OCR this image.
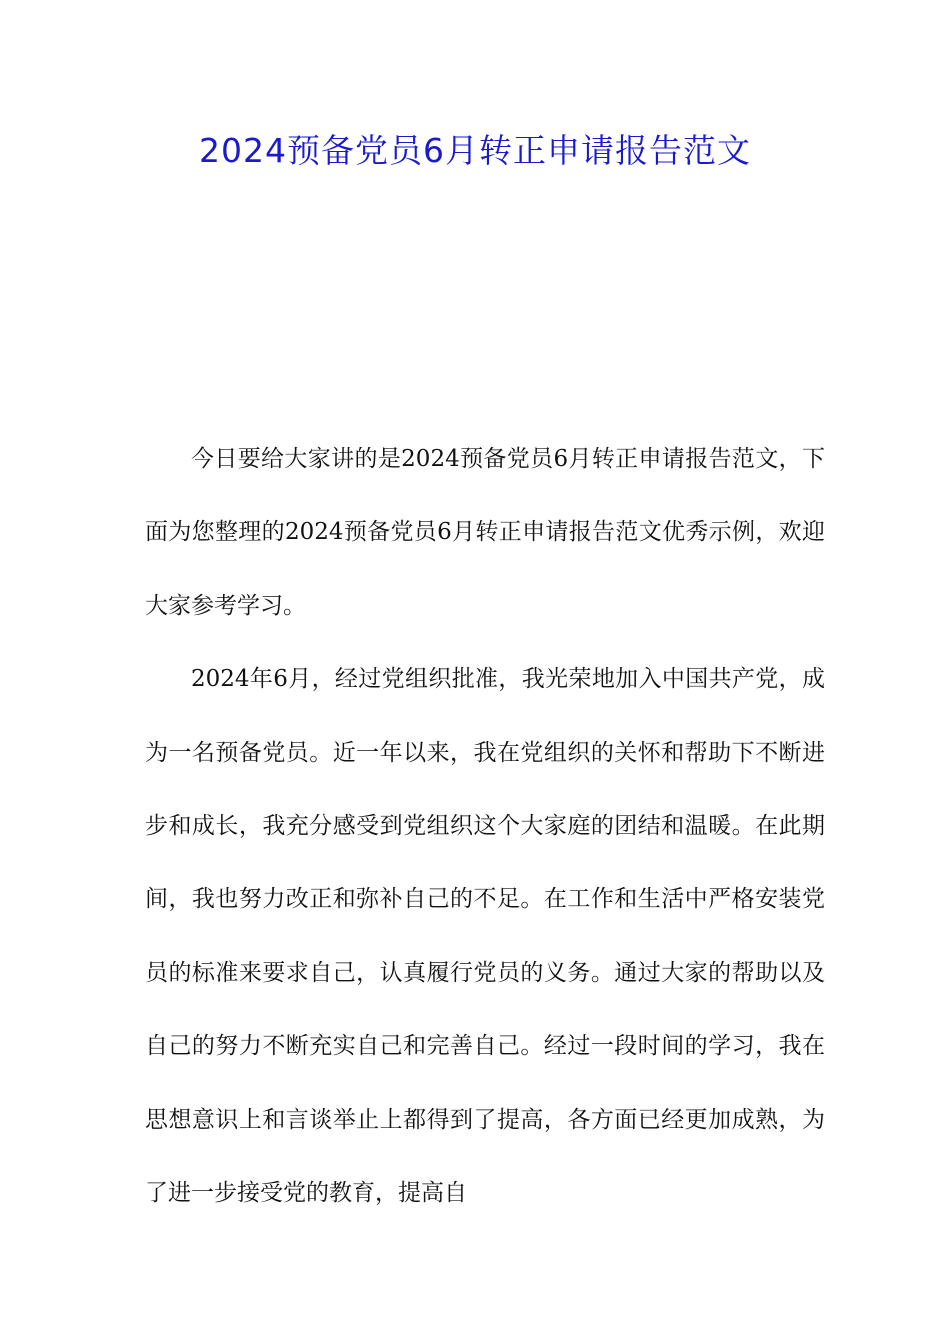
2024预备党员6月转正申请报告范文

今日要给大家讲的是2024预备党员6月转正申请报告范文，下面为您整理的2024预备党员6月转正申请报告范文优秀示例，欢迎大家参考学习。

2024年6月，经过党组织批准，我光荣地加入中国共产党，成为一名预备党员。近一年以来，我在党组织的关怀和帮助下不断进步和成长，我充分感受到党组织这个大家庭的团结和温暖。在此期间，我也努力改正和弥补自己的不足。在工作和生活中严格安装党员的标准来要求自己，认真履行党员的义务。通过大家的帮助以及自己的努力不断充实自己和完善自己。经过一段时间的学习，我在思想意识上和言谈举止上都得到了提高，各方面已经更加成熟，为了进一步接受党的教育，提高自
